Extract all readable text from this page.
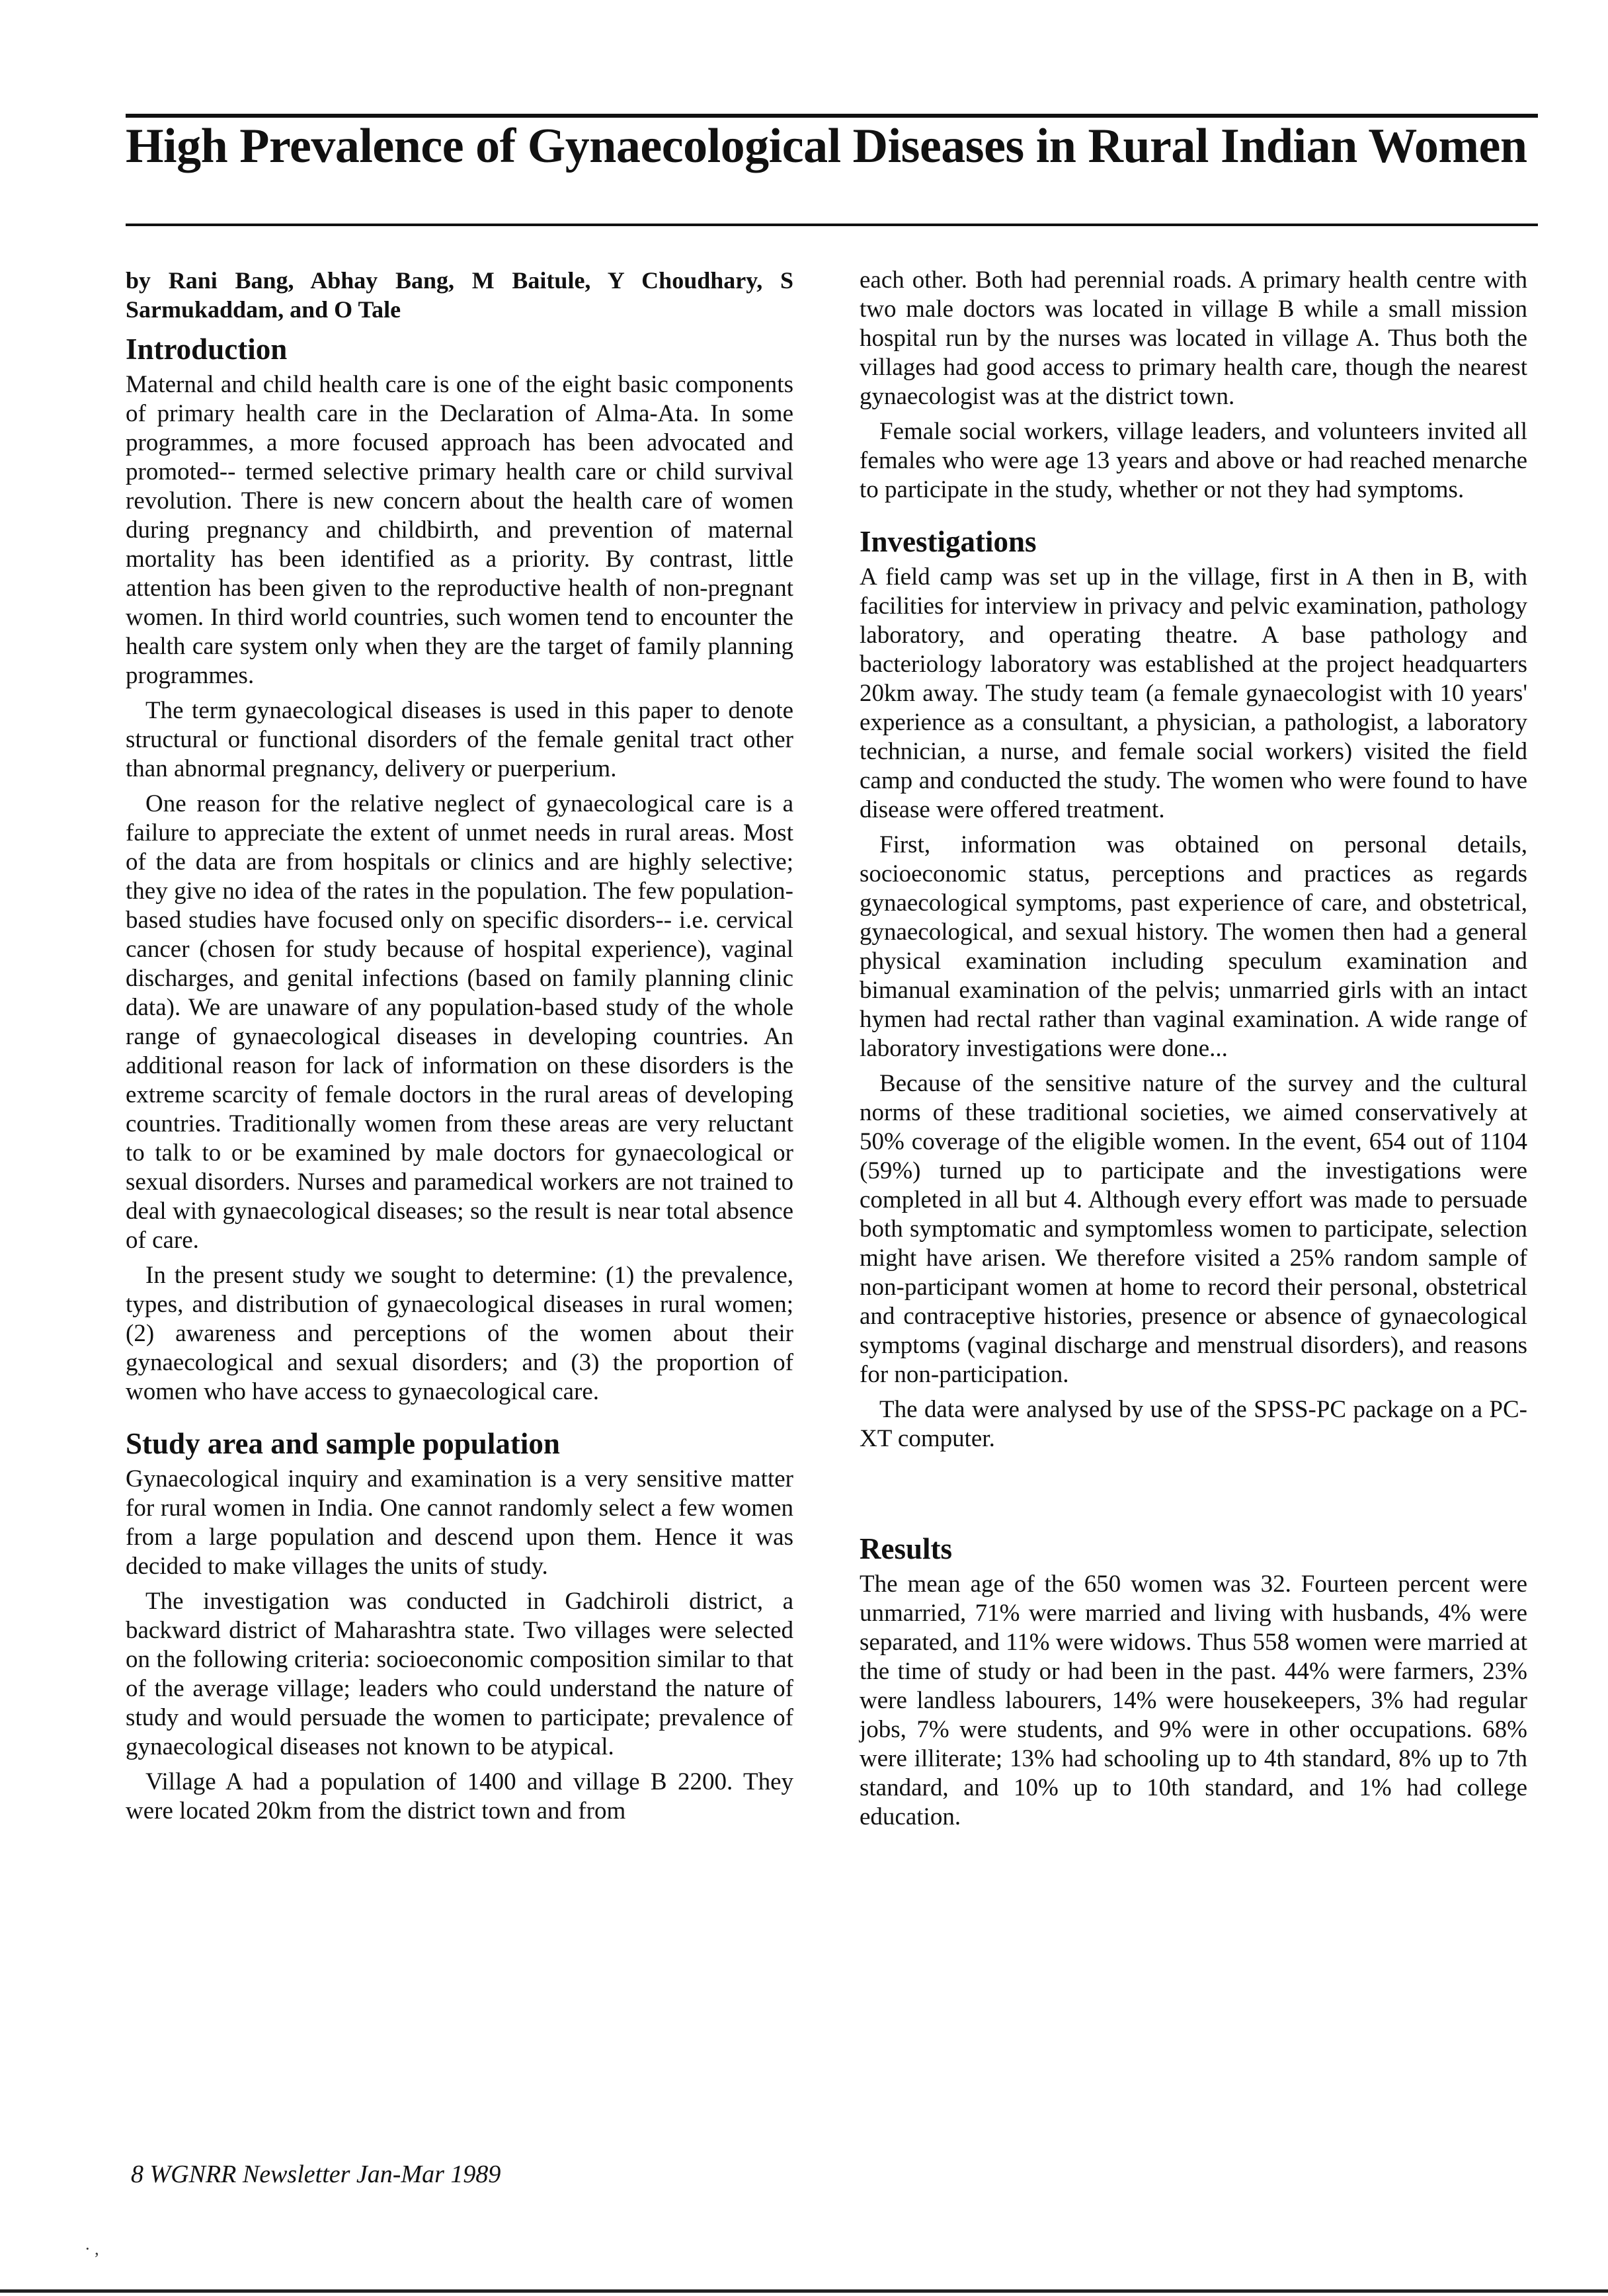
High Prevalence of Gynaecological Diseases in Rural Indian Women

by Rani Bang, Abhay Bang, M Baitule, Y Choudhary, S Sarmukaddam, and O Tale

Introduction

Maternal and child health care is one of the eight basic components of primary health care in the Declaration of Alma-Ata. In some programmes, a more focused approach has been advocated and promoted-- termed selective primary health care or child survival revolution. There is new concern about the health care of women during pregnancy and childbirth, and prevention of maternal mortality has been identified as a priority. By contrast, little attention has been given to the reproductive health of non-pregnant women. In third world countries, such women tend to encounter the health care system only when they are the target of family planning programmes.

The term gynaecological diseases is used in this paper to denote structural or functional disorders of the female genital tract other than abnormal pregnancy, delivery or puerperium.

One reason for the relative neglect of gynaecological care is a failure to appreciate the extent of unmet needs in rural areas. Most of the data are from hospitals or clinics and are highly selective; they give no idea of the rates in the population. The few population-based studies have focused only on specific disorders-- i.e. cervical cancer (chosen for study because of hospital experience), vaginal discharges, and genital infections (based on family planning clinic data). We are unaware of any population-based study of the whole range of gynaecological diseases in developing countries. An additional reason for lack of information on these disorders is the extreme scarcity of female doctors in the rural areas of developing countries. Traditionally women from these areas are very reluctant to talk to or be examined by male doctors for gynaecological or sexual disorders. Nurses and paramedical workers are not trained to deal with gynaecological diseases; so the result is near total absence of care.

In the present study we sought to determine: (1) the prevalence, types, and distribution of gynaecological diseases in rural women; (2) awareness and perceptions of the women about their gynaecological and sexual disorders; and (3) the proportion of women who have access to gynaecological care.

Study area and sample population

Gynaecological inquiry and examination is a very sensitive matter for rural women in India. One cannot randomly select a few women from a large population and descend upon them. Hence it was decided to make villages the units of study.

The investigation was conducted in Gadchiroli district, a backward district of Maharashtra state. Two villages were selected on the following criteria: socioeconomic composition similar to that of the average village; leaders who could understand the nature of study and would persuade the women to participate; prevalence of gynaecological diseases not known to be atypical.

Village A had a population of 1400 and village B 2200. They were located 20km from the district town and from

each other. Both had perennial roads. A primary health centre with two male doctors was located in village B while a small mission hospital run by the nurses was located in village A. Thus both the villages had good access to primary health care, though the nearest gynaecologist was at the district town.

Female social workers, village leaders, and volunteers invited all females who were age 13 years and above or had reached menarche to participate in the study, whether or not they had symptoms.

Investigations

A field camp was set up in the village, first in A then in B, with facilities for interview in privacy and pelvic examination, pathology laboratory, and operating theatre. A base pathology and bacteriology laboratory was established at the project headquarters 20km away. The study team (a female gynaecologist with 10 years' experience as a consultant, a physician, a pathologist, a laboratory technician, a nurse, and female social workers) visited the field camp and conducted the study. The women who were found to have disease were offered treatment.

First, information was obtained on personal details, socioeconomic status, perceptions and practices as regards gynaecological symptoms, past experience of care, and obstetrical, gynaecological, and sexual history. The women then had a general physical examination including speculum examination and bimanual examination of the pelvis; unmarried girls with an intact hymen had rectal rather than vaginal examination. A wide range of laboratory investigations were done...

Because of the sensitive nature of the survey and the cultural norms of these traditional societies, we aimed conservatively at 50% coverage of the eligible women. In the event, 654 out of 1104 (59%) turned up to participate and the investigations were completed in all but 4. Although every effort was made to persuade both symptomatic and symptomless women to participate, selection might have arisen. We therefore visited a 25% random sample of non-participant women at home to record their personal, obstetrical and contraceptive histories, presence or absence of gynaecological symptoms (vaginal discharge and menstrual disorders), and reasons for non-participation.

The data were analysed by use of the SPSS-PC package on a PC-XT computer.

Results

The mean age of the 650 women was 32. Fourteen percent were unmarried, 71% were married and living with husbands, 4% were separated, and 11% were widows. Thus 558 women were married at the time of study or had been in the past. 44% were farmers, 23% were landless labourers, 14% were housekeepers, 3% had regular jobs, 7% were students, and 9% were in other occupations. 68% were illiterate; 13% had schooling up to 4th standard, 8% up to 7th standard, and 10% up to 10th standard, and 1% had college education.

8 WGNRR Newsletter Jan-Mar 1989
· ,
